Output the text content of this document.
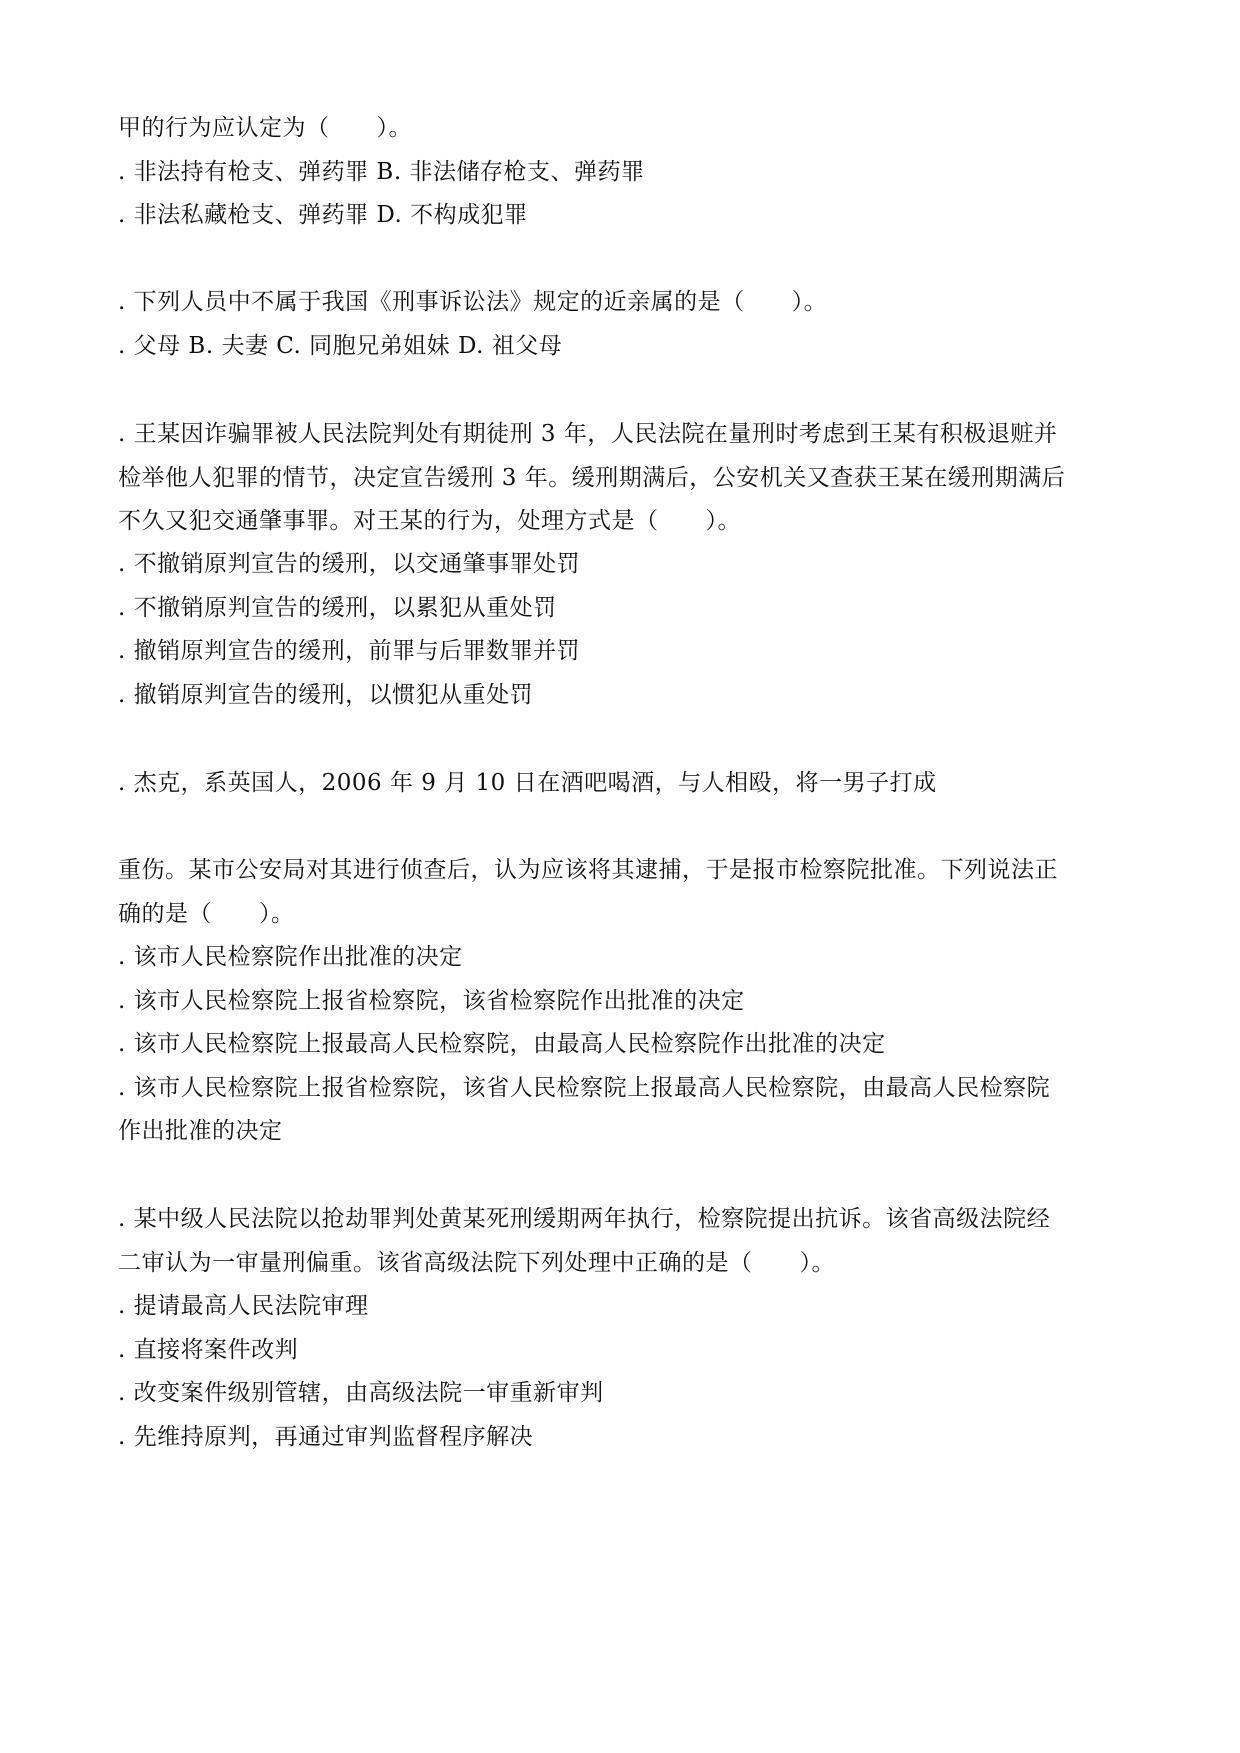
甲的行为应认定为（　　）。
. 非法持有枪支、弹药罪 B. 非法储存枪支、弹药罪
. 非法私藏枪支、弹药罪 D. 不构成犯罪
. 下列人员中不属于我国《刑事诉讼法》规定的近亲属的是（　　）。
. 父母 B. 夫妻 C. 同胞兄弟姐妹 D. 祖父母
. 王某因诈骗罪被人民法院判处有期徒刑 3 年，人民法院在量刑时考虑到王某有积极退赃并
检举他人犯罪的情节，决定宣告缓刑 3 年。缓刑期满后，公安机关又查获王某在缓刑期满后
不久又犯交通肇事罪。对王某的行为，处理方式是（　　）。
. 不撤销原判宣告的缓刑，以交通肇事罪处罚
. 不撤销原判宣告的缓刑，以累犯从重处罚
. 撤销原判宣告的缓刑，前罪与后罪数罪并罚
. 撤销原判宣告的缓刑，以惯犯从重处罚
. 杰克，系英国人，2006 年 9 月 10 日在酒吧喝酒，与人相殴，将一男子打成
重伤。某市公安局对其进行侦查后，认为应该将其逮捕，于是报市检察院批准。下列说法正
确的是（　　）。
. 该市人民检察院作出批准的决定
. 该市人民检察院上报省检察院，该省检察院作出批准的决定
. 该市人民检察院上报最高人民检察院，由最高人民检察院作出批准的决定
. 该市人民检察院上报省检察院，该省人民检察院上报最高人民检察院，由最高人民检察院
作出批准的决定
. 某中级人民法院以抢劫罪判处黄某死刑缓期两年执行，检察院提出抗诉。该省高级法院经
二审认为一审量刑偏重。该省高级法院下列处理中正确的是（　　）。
. 提请最高人民法院审理
. 直接将案件改判
. 改变案件级别管辖，由高级法院一审重新审判
. 先维持原判，再通过审判监督程序解决
